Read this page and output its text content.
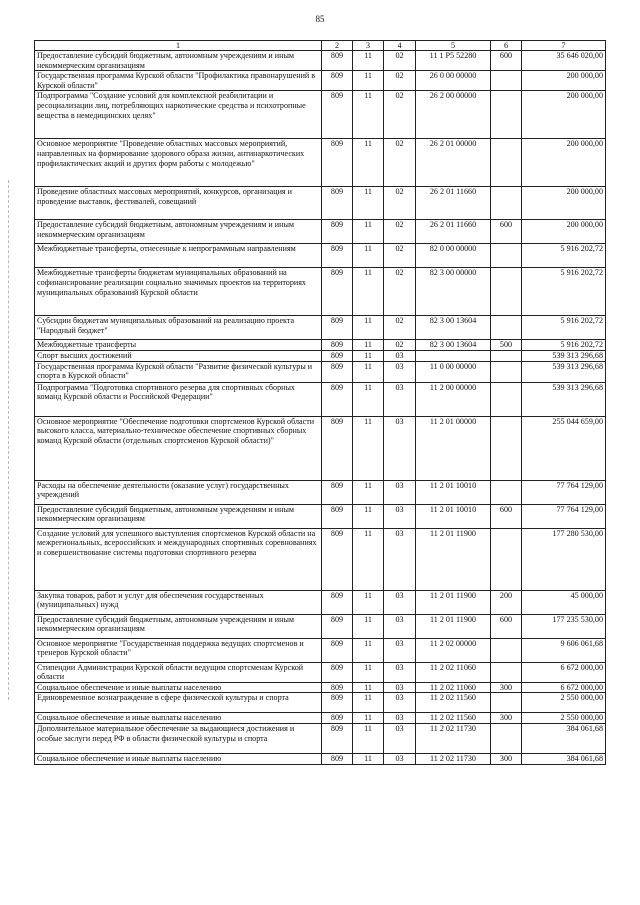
85
1	2	3	4	5	6	7
Предоставление субсидий бюджетным, автономным учреждениям и иным некоммерческим организациям	809	11	02	11 1 P5 52280	600	35 646 020,00
Государственная программа Курской области "Профилактика правонарушений в Курской области"	809	11	02	26 0 00 00000		200 000,00
Подпрограмма "Создание условий для комплексной реабилитации и ресоциализации лиц, потребляющих наркотические средства и психотропные вещества в немедицинских целях"	809	11	02	26 2 00 00000		200 000,00
Основное мероприятие "Проведение областных массовых мероприятий, направленных на формирование здорового образа жизни, антинаркотических профилактических акций и других форм работы с молодежью"	809	11	02	26 2 01 00000		200 000,00
Проведение областных массовых мероприятий, конкурсов, организация и проведение выставок, фестивалей, совещаний	809	11	02	26 2 01 11660		200 000,00
Предоставление субсидий бюджетным, автономным учреждениям и иным некоммерческим организациям	809	11	02	26 2 01 11660	600	200 000,00
Межбюджетные трансферты, отнесенные к непрограммным направлениям	809	11	02	82 0 00 00000		5 916 202,72
Межбюджетные трансферты бюджетам муниципальных образований на софинансирование реализации социально значимых проектов на территориях муниципальных образований Курской области	809	11	02	82 3 00 00000		5 916 202,72
Субсидии бюджетам муниципальных образований на реализацию проекта "Народный бюджет"	809	11	02	82 3 00 13604		5 916 202,72
Межбюджетные трансферты	809	11	02	82 3 00 13604	500	5 916 202,72
Спорт высших достижений	809	11	03			539 313 296,68
Государственная программа Курской области "Развитие физической культуры и спорта в Курской области"	809	11	03	11 0 00 00000		539 313 296,68
Подпрограмма "Подготовка спортивного резерва для спортивных сборных команд Курской области и Российской Федерации"	809	11	03	11 2 00 00000		539 313 296,68
Основное мероприятие "Обеспечение подготовки спортсменов Курской области высокого класса, материально-техническое обеспечение спортивных сборных команд Курской области (отдельных спортсменов Курской области)"	809	11	03	11 2 01 00000		255 044 659,00
Расходы на обеспечение деятельности (оказание услуг) государственных учреждений	809	11	03	11 2 01 10010		77 764 129,00
Предоставление субсидий бюджетным, автономным учреждениям и иным некоммерческим организациям	809	11	03	11 2 01 10010	600	77 764 129,00
Создание условий для успешного выступления спортсменов Курской области на межрегиональных, всероссийских и международных спортивных соревнованиях и совершенствование системы подготовки спортивного резерва	809	11	03	11 2 01 11900		177 280 530,00
Закупка товаров, работ и услуг для обеспечения государственных (муниципальных) нужд	809	11	03	11 2 01 11900	200	45 000,00
Предоставление субсидий бюджетным, автономным учреждениям и иным некоммерческим организациям	809	11	03	11 2 01 11900	600	177 235 530,00
Основное мероприятие "Государственная поддержка ведущих спортсменов и тренеров Курской области"	809	11	03	11 2 02 00000		9 606 061,68
Стипендии Администрации Курской области ведущим спортсменам Курской области	809	11	03	11 2 02 11060		6 672 000,00
Социальное обеспечение и иные выплаты населению	809	11	03	11 2 02 11060	300	6 672 000,00
Единовременное вознаграждение в сфере физической культуры и спорта	809	11	03	11 2 02 11560		2 550 000,00
Социальное обеспечение и иные выплаты населению	809	11	03	11 2 02 11560	300	2 550 000,00
Дополнительное материальное обеспечение за выдающиеся достижения и особые заслуги перед РФ в области физической культуры и спорта	809	11	03	11 2 02 11730		384 061,68
Социальное обеспечение и иные выплаты населению	809	11	03	11 2 02 11730	300	384 061,68
